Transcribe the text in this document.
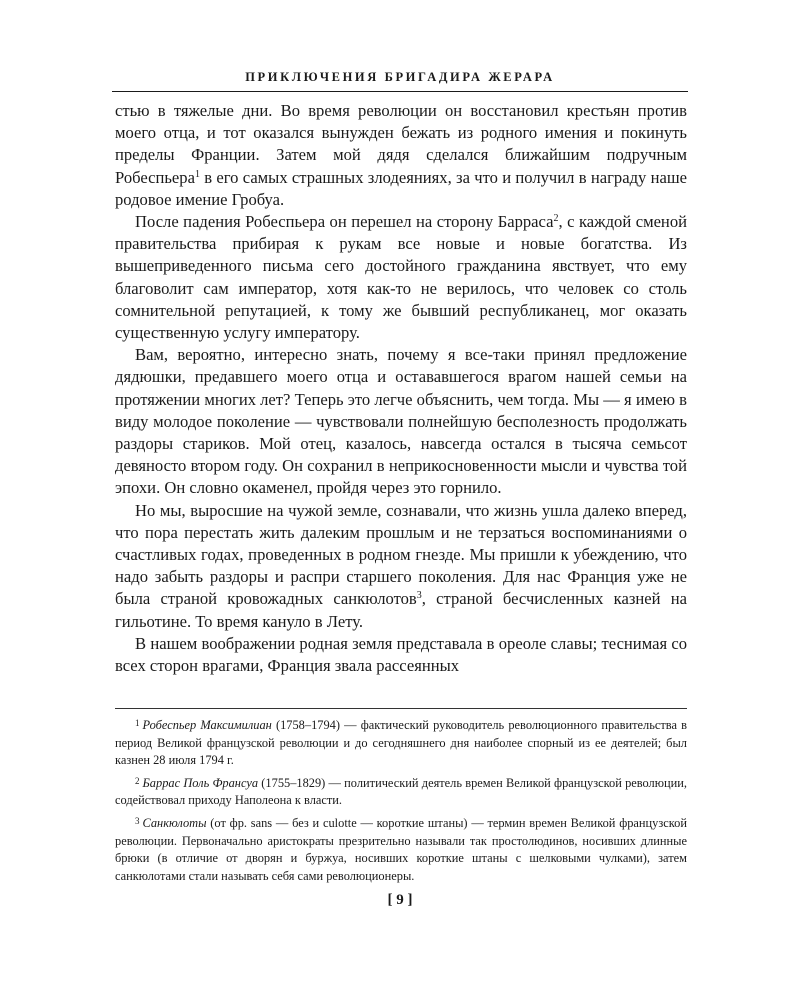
ПРИКЛЮЧЕНИЯ БРИГАДИРА ЖЕРАРА

стью в тяжелые дни. Во время революции он восстановил крестьян против моего отца, и тот оказался вынужден бежать из родного имения и покинуть пределы Франции. Затем мой дядя сделался ближайшим подручным Робеспьера$^1$ в его самых страшных злодеяниях, за что и получил в награду наше родовое имение Гробуа.

После падения Робеспьера он перешел на сторону Барраса$^2$, с каждой сменой правительства прибирая к рукам все новые и новые богатства. Из вышеприведенного письма сего достойного гражданина явствует, что ему благоволит сам император, хотя как-то не верилось, что человек со столь сомнительной репутацией, к тому же бывший республиканец, мог оказать существенную услугу императору.

Вам, вероятно, интересно знать, почему я все-таки принял предложение дядюшки, предавшего моего отца и остававшегося врагом нашей семьи на протяжении многих лет? Теперь это легче объяснить, чем тогда. Мы — я имею в виду молодое поколение — чувствовали полнейшую бесполезность продолжать раздоры стариков. Мой отец, казалось, навсегда остался в тысяча семьсот девяносто втором году. Он сохранил в неприкосновенности мысли и чувства той эпохи. Он словно окаменел, пройдя через это горнило.

Но мы, выросшие на чужой земле, сознавали, что жизнь ушла далеко вперед, что пора перестать жить далеким прошлым и не терзаться воспоминаниями о счастливых годах, проведенных в родном гнезде. Мы пришли к убеждению, что надо забыть раздоры и распри старшего поколения. Для нас Франция уже не была страной кровожадных санкюлотов$^3$, страной бесчисленных казней на гильотине. То время кануло в Лету.

В нашем воображении родная земля представала в ореоле славы; теснимая со всех сторон врагами, Франция звала рассеянных

$^1$ Робеспьер Максимилиан (1758–1794) — фактический руководитель революционного правительства в период Великой французской революции и до сегодняшнего дня наиболее спорный из ее деятелей; был казнен 28 июля 1794 г.

$^2$ Баррас Поль Франсуа (1755–1829) — политический деятель времен Великой французской революции, содействовал приходу Наполеона к власти.

$^3$ Санкюлоты (от фр. sans — без и culotte — короткие штаны) — термин времен Великой французской революции. Первоначально аристократы презрительно называли так простолюдинов, носивших длинные брюки (в отличие от дворян и буржуа, носивших короткие штаны с шелковыми чулками), затем санкюлотами стали называть себя сами революционеры.

[ 9 ]
